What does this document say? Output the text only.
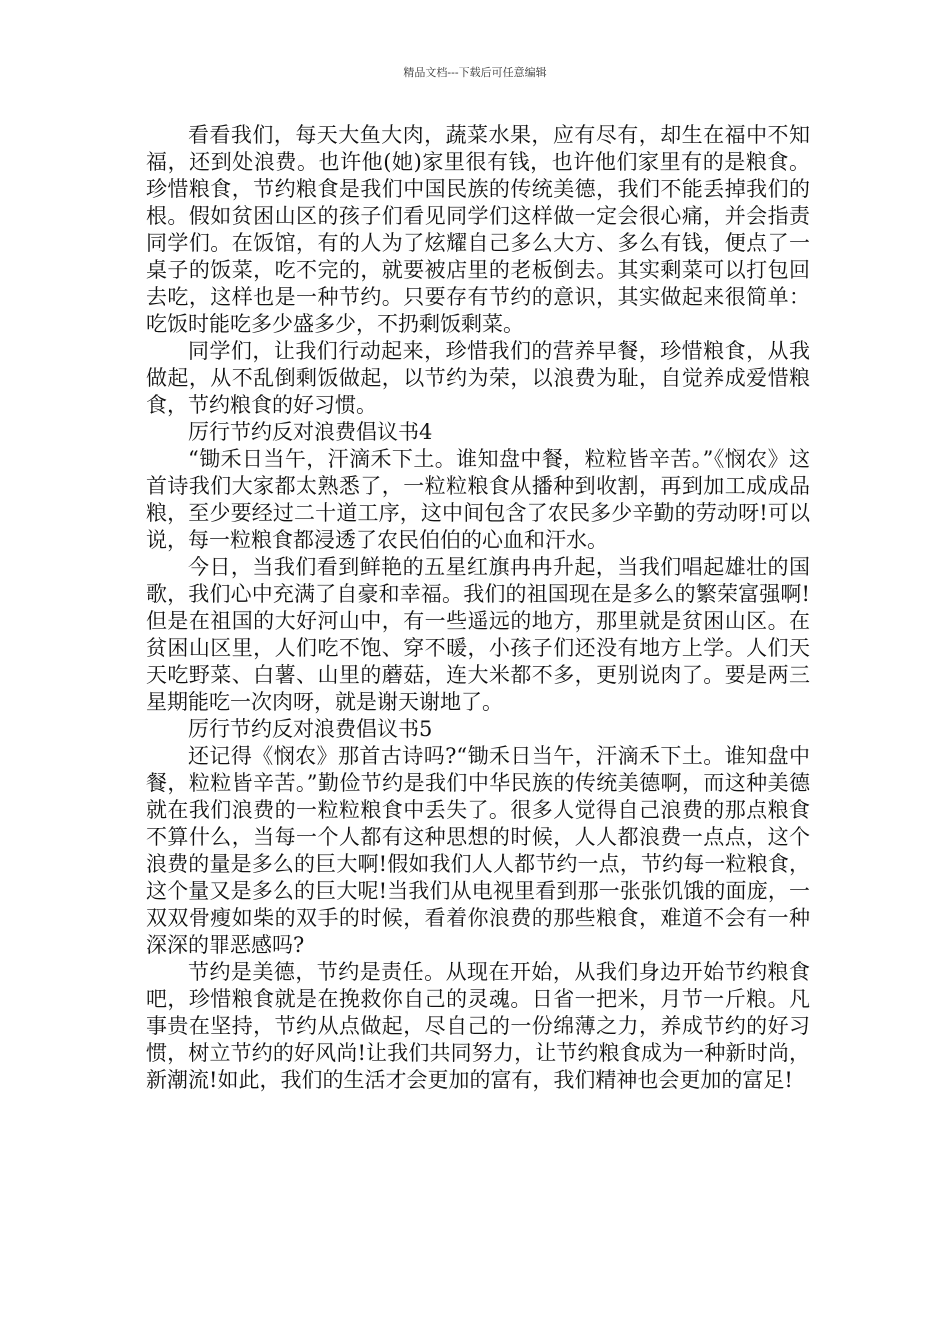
精品文档---下载后可任意编辑

看看我们，每天大鱼大肉，蔬菜水果，应有尽有，却生在福中不知福，还到处浪费。也许他(她)家里很有钱，也许他们家里有的是粮食。珍惜粮食，节约粮食是我们中国民族的传统美德，我们不能丢掉我们的根。假如贫困山区的孩子们看见同学们这样做一定会很心痛，并会指责同学们。在饭馆，有的人为了炫耀自己多么大方、多么有钱，便点了一桌子的饭菜，吃不完的，就要被店里的老板倒去。其实剩菜可以打包回去吃，这样也是一种节约。只要存有节约的意识，其实做起来很简单：吃饭时能吃多少盛多少，不扔剩饭剩菜。

同学们，让我们行动起来，珍惜我们的营养早餐，珍惜粮食，从我做起，从不乱倒剩饭做起，以节约为荣，以浪费为耻，自觉养成爱惜粮食，节约粮食的好习惯。

厉行节约反对浪费倡议书4

“锄禾日当午，汗滴禾下土。谁知盘中餐，粒粒皆辛苦。”《悯农》这首诗我们大家都太熟悉了，一粒粒粮食从播种到收割，再到加工成成品粮，至少要经过二十道工序，这中间包含了农民多少辛勤的劳动呀!可以说，每一粒粮食都浸透了农民伯伯的心血和汗水。

今日，当我们看到鲜艳的五星红旗冉冉升起，当我们唱起雄壮的国歌，我们心中充满了自豪和幸福。我们的祖国现在是多么的繁荣富强啊!但是在祖国的大好河山中，有一些遥远的地方，那里就是贫困山区。在贫困山区里，人们吃不饱、穿不暖，小孩子们还没有地方上学。人们天天吃野菜、白薯、山里的蘑菇，连大米都不多，更别说肉了。要是两三星期能吃一次肉呀，就是谢天谢地了。

厉行节约反对浪费倡议书5

还记得《悯农》那首古诗吗?“锄禾日当午，汗滴禾下土。谁知盘中餐，粒粒皆辛苦。”勤俭节约是我们中华民族的传统美德啊，而这种美德就在我们浪费的一粒粒粮食中丢失了。很多人觉得自己浪费的那点粮食不算什么，当每一个人都有这种思想的时候，人人都浪费一点点，这个浪费的量是多么的巨大啊!假如我们人人都节约一点，节约每一粒粮食，这个量又是多么的巨大呢!当我们从电视里看到那一张张饥饿的面庞，一双双骨瘦如柴的双手的时候，看着你浪费的那些粮食，难道不会有一种深深的罪恶感吗?

节约是美德，节约是责任。从现在开始，从我们身边开始节约粮食吧，珍惜粮食就是在挽救你自己的灵魂。日省一把米，月节一斤粮。凡事贵在坚持，节约从点做起，尽自己的一份绵薄之力，养成节约的好习惯，树立节约的好风尚!让我们共同努力，让节约粮食成为一种新时尚，新潮流!如此，我们的生活才会更加的富有，我们精神也会更加的富足!
